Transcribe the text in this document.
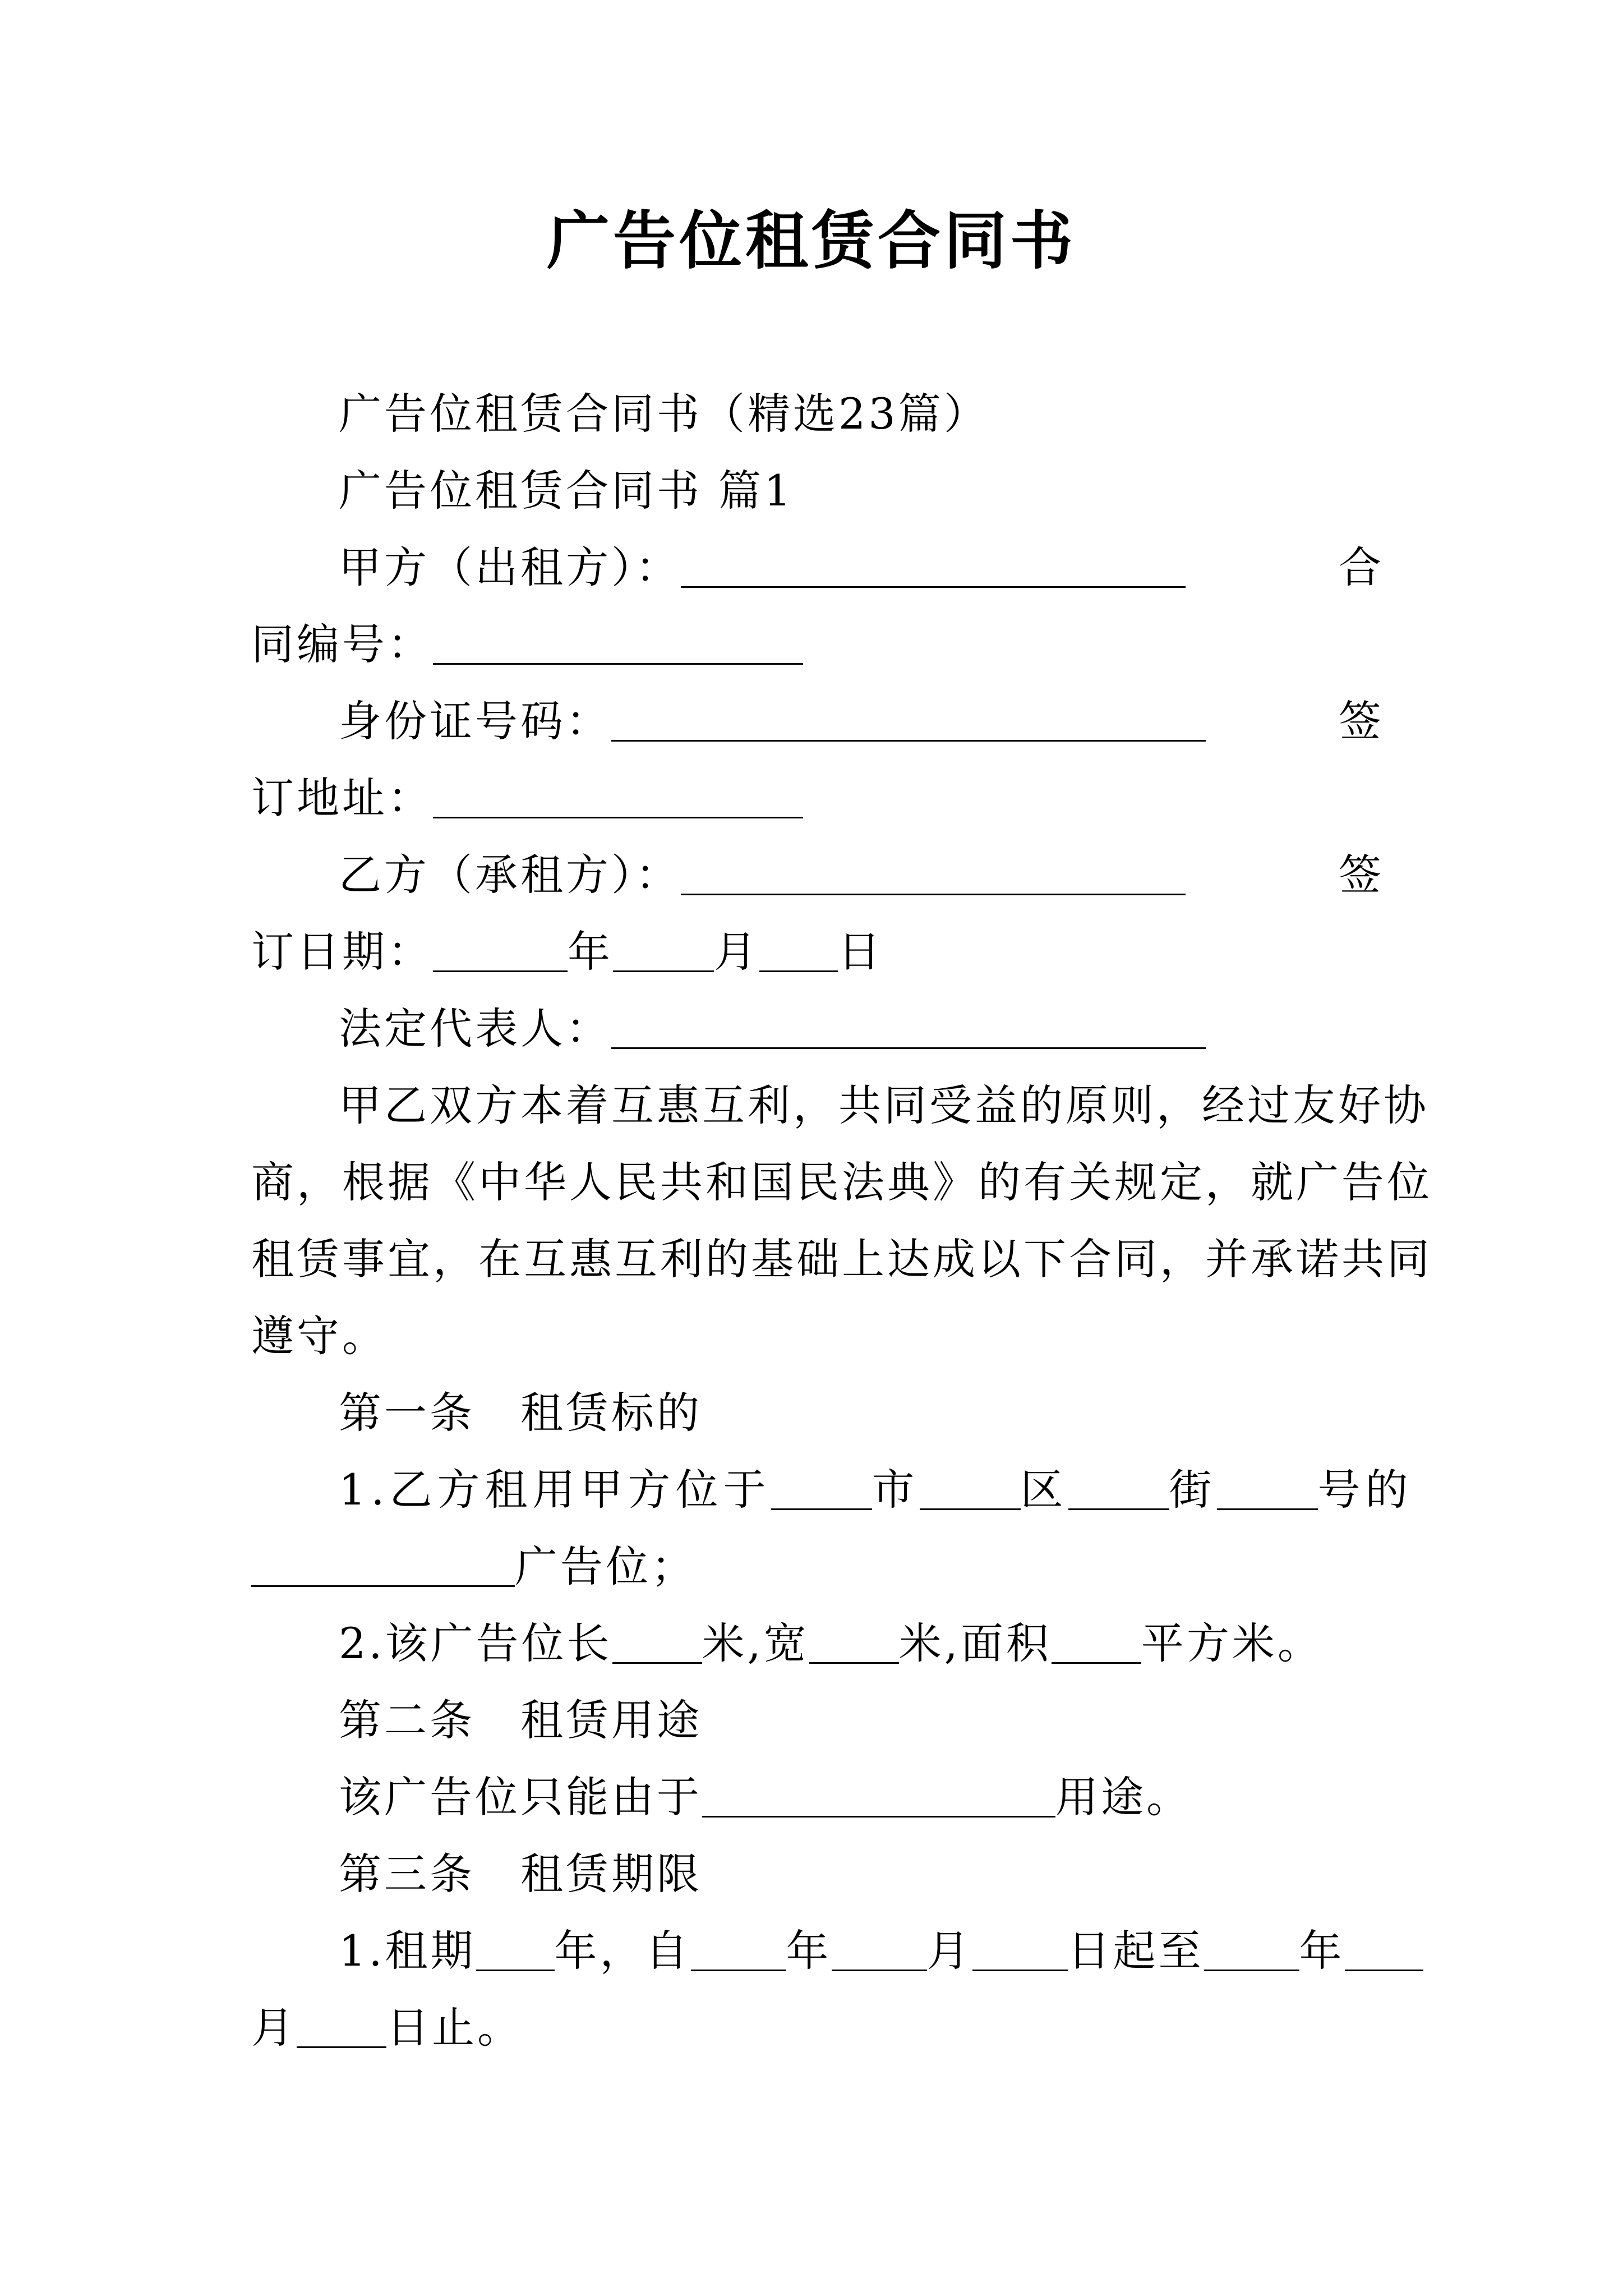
广告位租赁合同书
广告位租赁合同书（精选23篇）
广告位租赁合同书 篇1
甲方（出租方）：	合
同编号：
身份证号码：	签
订地址：
乙方（承租方）：	签
订日期：	年 月 日
法定代表人：
甲 乙 双 方 本 着 互 惠 互 利 ， 共 同 受 益 的 原 则 ， 经 过 友 好 协
商 ， 根 据 《 中 华 人 民 共 和 国 民 法 典 》 的 有 关 规 定 ， 就 广 告 位
租 赁 事 宜 ， 在 互 惠 互 利 的 基 础 上 达 成 以 下 合 同 ， 并 承 诺 共 同
遵守。
第一条　租赁标的
1.乙方租用甲方位于 市 区 街 号的
广告位；
2.该广告位长 米,宽 米,面积 平方米。
第二条　租赁用途
该广告位只能由于	用途。
第三条　租赁期限
1.租期 年，自 年 月 日起至 年
月 日止。
